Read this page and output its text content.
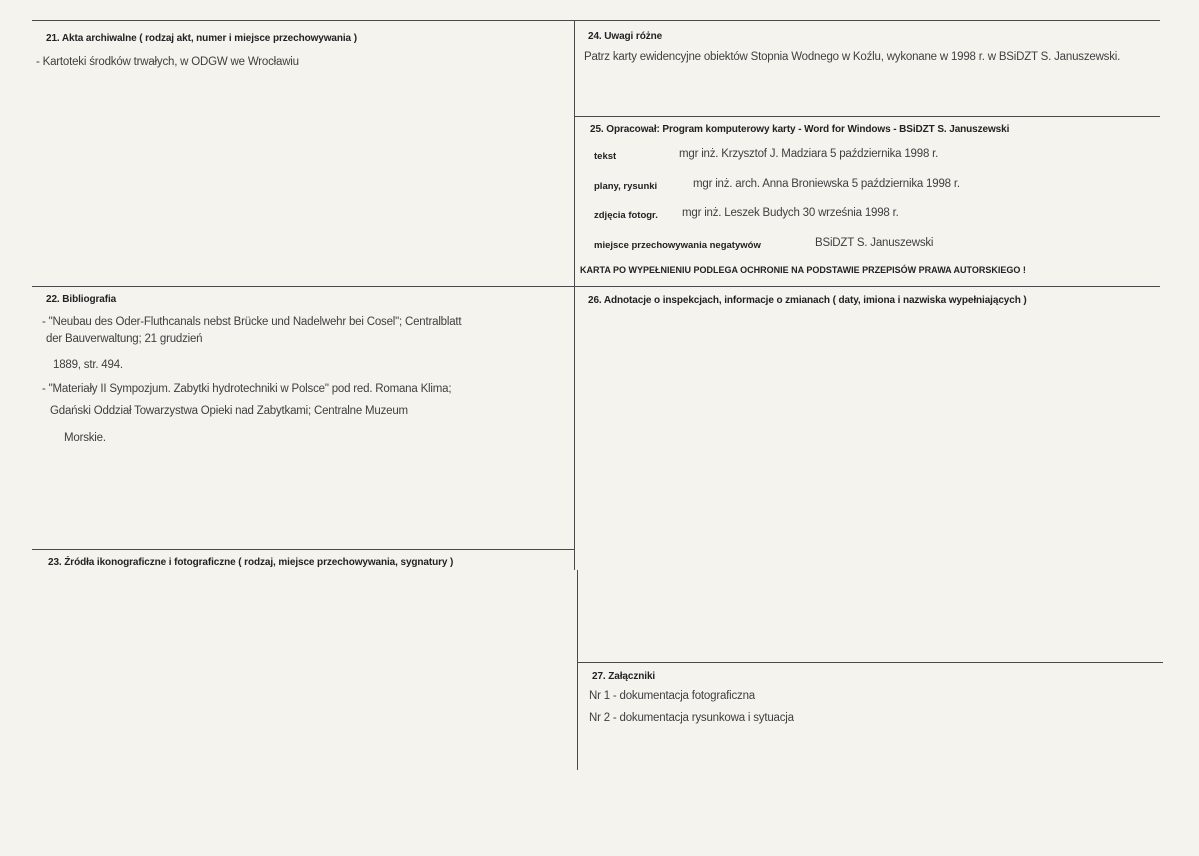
21. Akta archiwalne ( rodzaj akt, numer i miejsce przechowywania )
- Kartoteki środków trwałych, w ODGW we Wrocławiu
22. Bibliografia
- "Neubau des Oder-Fluthcanals nebst Brücke und Nadelwehr bei Cosel"; Centralblatt
der Bauverwaltung; 21 grudzień
1889, str. 494.
- "Materiały II Sympozjum. Zabytki hydrotechniki w Polsce" pod red. Romana Klima;
Gdański Oddział Towarzystwa Opieki nad Zabytkami; Centralne Muzeum
Morskie.
23. Źródła ikonograficzne i fotograficzne ( rodzaj, miejsce przechowywania, sygnatury )
24. Uwagi różne
Patrz karty ewidencyjne obiektów Stopnia Wodnego w Koźlu, wykonane w 1998 r. w BSiDZT S. Januszewski.
25. Opracował: Program komputerowy karty - Word for Windows - BSiDZT S. Januszewski
tekst	mgr inż. Krzysztof J. Madziara 5 października 1998 r.
plany, rysunki	mgr inż. arch. Anna Broniewska 5 października 1998 r.
zdjęcia fotogr. mgr inż. Leszek Budych 30 września 1998 r.
miejsce przechowywania negatywów	BSiDZT S. Januszewski
KARTA PO WYPEŁNIENIU PODLEGA OCHRONIE NA PODSTAWIE PRZEPISÓW PRAWA AUTORSKIEGO !
26. Adnotacje o inspekcjach, informacje o zmianach ( daty, imiona i nazwiska wypełniających )
27. Załączniki
Nr 1 - dokumentacja fotograficzna
Nr 2 - dokumentacja rysunkowa i sytuacja
